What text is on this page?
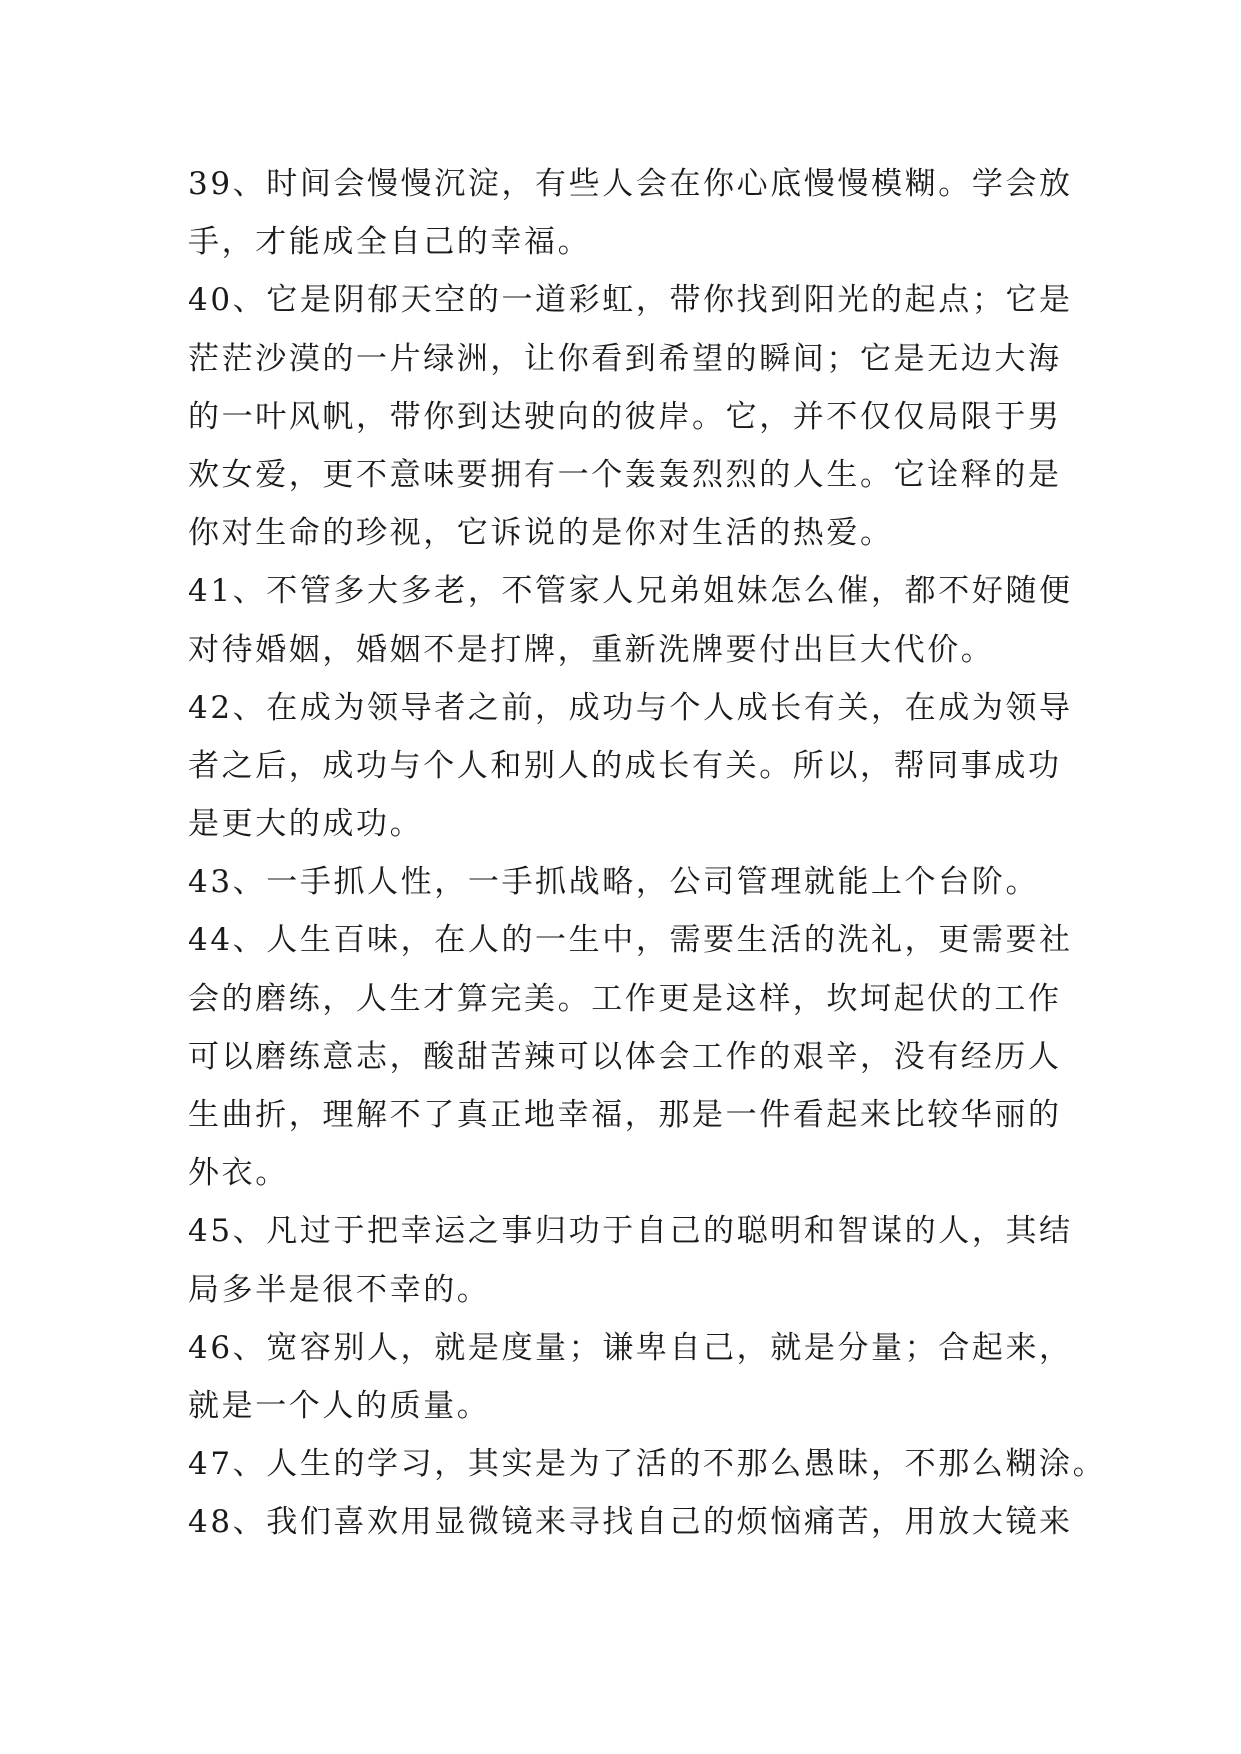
39、时间会慢慢沉淀，有些人会在你心底慢慢模糊。学会放
手，才能成全自己的幸福。
40、它是阴郁天空的一道彩虹，带你找到阳光的起点；它是
茫茫沙漠的一片绿洲，让你看到希望的瞬间；它是无边大海
的一叶风帆，带你到达驶向的彼岸。它，并不仅仅局限于男
欢女爱，更不意味要拥有一个轰轰烈烈的人生。它诠释的是
你对生命的珍视，它诉说的是你对生活的热爱。
41、不管多大多老，不管家人兄弟姐妹怎么催，都不好随便
对待婚姻，婚姻不是打牌，重新洗牌要付出巨大代价。
42、在成为领导者之前，成功与个人成长有关，在成为领导
者之后，成功与个人和别人的成长有关。所以，帮同事成功
是更大的成功。
43、一手抓人性，一手抓战略，公司管理就能上个台阶。
44、人生百味，在人的一生中，需要生活的洗礼，更需要社
会的磨练，人生才算完美。工作更是这样，坎坷起伏的工作
可以磨练意志，酸甜苦辣可以体会工作的艰辛，没有经历人
生曲折，理解不了真正地幸福，那是一件看起来比较华丽的
外衣。
45、凡过于把幸运之事归功于自己的聪明和智谋的人，其结
局多半是很不幸的。
46、宽容别人，就是度量；谦卑自己，就是分量；合起来，
就是一个人的质量。
47、人生的学习，其实是为了活的不那么愚昧，不那么糊涂。
48、我们喜欢用显微镜来寻找自己的烦恼痛苦，用放大镜来
